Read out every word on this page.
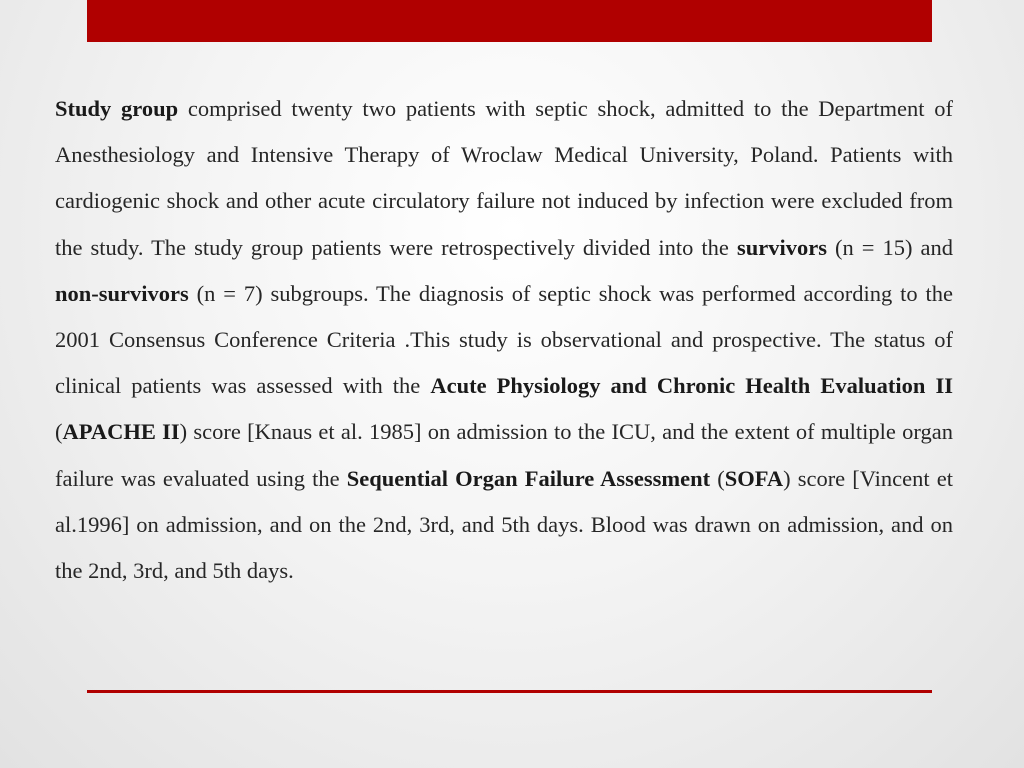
Study group comprised twenty two patients with septic shock, admitted to the Department of Anesthesiology and Intensive Therapy of Wroclaw Medical University, Poland. Patients with cardiogenic shock and other acute circulatory failure not induced by infection were excluded from the study. The study group patients were retrospectively divided into the survivors (n = 15) and non-survivors (n = 7) subgroups. The diagnosis of septic shock was performed according to the 2001 Consensus Conference Criteria .This study is observational and prospective. The status of clinical patients was assessed with the Acute Physiology and Chronic Health Evaluation II (APACHE II) score [Knaus et al. 1985] on admission to the ICU, and the extent of multiple organ failure was evaluated using the Sequential Organ Failure Assessment (SOFA) score [Vincent et al.1996] on admission, and on the 2nd, 3rd, and 5th days. Blood was drawn on admission, and on the 2nd, 3rd, and 5th days.
